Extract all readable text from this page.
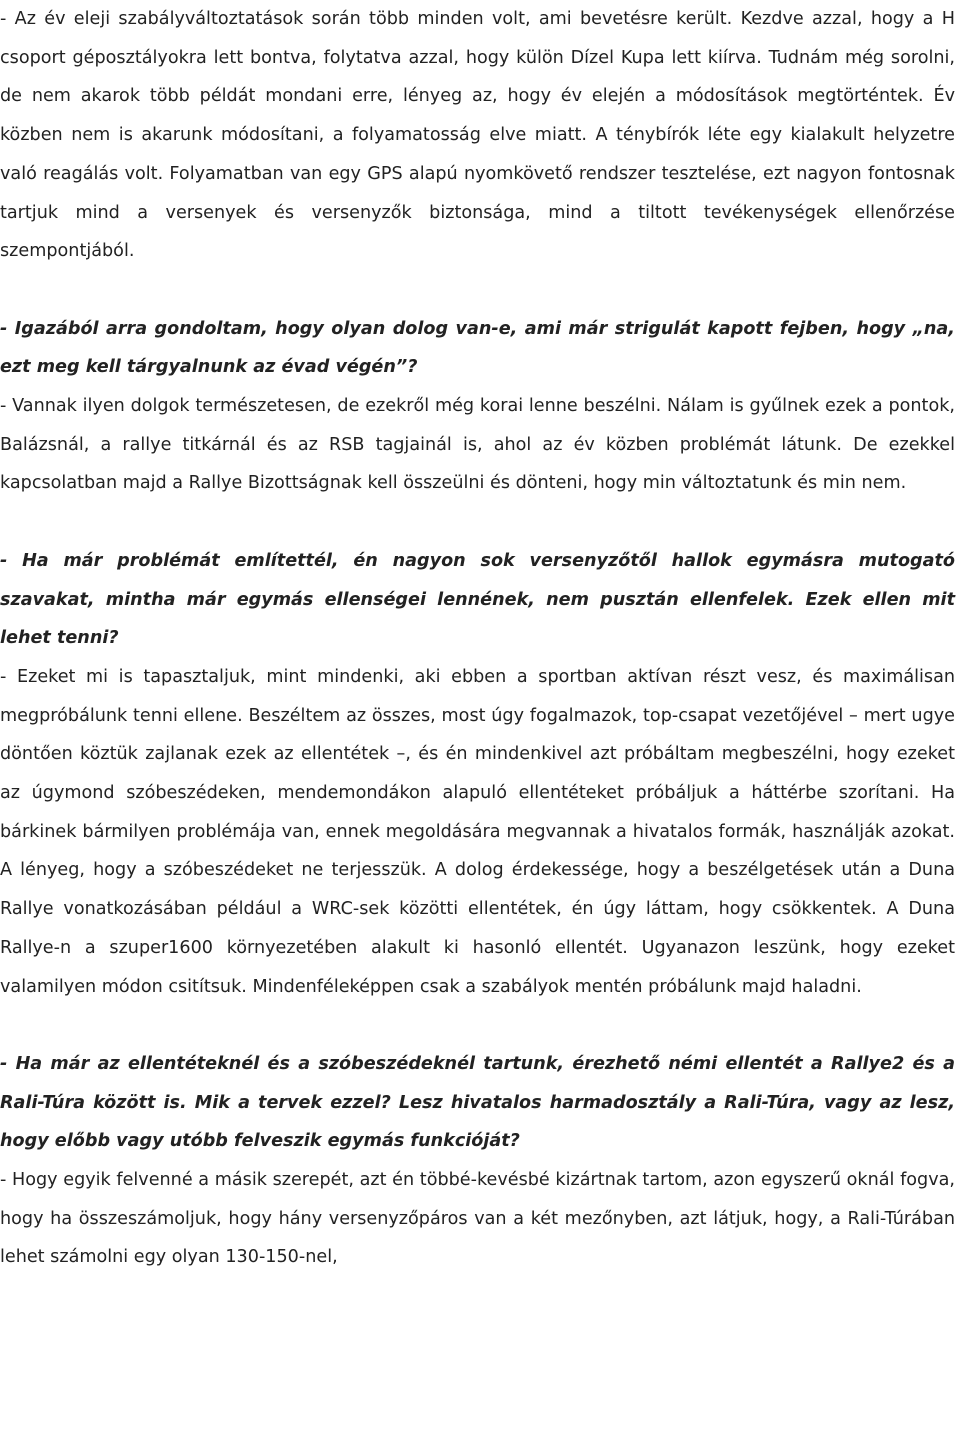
- Az év eleji szabályváltoztatások során több minden volt, ami bevetésre került. Kezdve azzal, hogy a H csoport géposztályokra lett bontva, folytatva azzal, hogy külön Dízel Kupa lett kiírva. Tudnám még sorolni, de nem akarok több példát mondani erre, lényeg az, hogy év elején a módosítások megtörténtek. Év közben nem is akarunk módosítani, a folyamatosság elve miatt. A ténybírók léte egy kialakult helyzetre való reagálás volt. Folyamatban van egy GPS alapú nyomkövető rendszer tesztelése, ezt nagyon fontosnak tartjuk mind a versenyek és versenyzők biztonsága, mind a tiltott tevékenységek ellenőrzése szempontjából.

- Igazából arra gondoltam, hogy olyan dolog van-e, ami már strigulát kapott fejben, hogy „na, ezt meg kell tárgyalnunk az évad végén”?

- Vannak ilyen dolgok természetesen, de ezekről még korai lenne beszélni. Nálam is gyűlnek ezek a pontok, Balázsnál, a rallye titkárnál és az RSB tagjainál is, ahol az év közben problémát látunk. De ezekkel kapcsolatban majd a Rallye Bizottságnak kell összeülni és dönteni, hogy min változtatunk és min nem.

- Ha már problémát említettél, én nagyon sok versenyzőtől hallok egymásra mutogató szavakat, mintha már egymás ellenségei lennének, nem pusztán ellenfelek. Ezek ellen mit lehet tenni?

- Ezeket mi is tapasztaljuk, mint mindenki, aki ebben a sportban aktívan részt vesz, és maximálisan megpróbálunk tenni ellene. Beszéltem az összes, most úgy fogalmazok, top-csapat vezetőjével – mert ugye döntően köztük zajlanak ezek az ellentétek –, és én mindenkivel azt próbáltam megbeszélni, hogy ezeket az úgymond szóbeszédeken, mendemondákon alapuló ellentéteket próbáljuk a háttérbe szorítani. Ha bárkinek bármilyen problémája van, ennek megoldására megvannak a hivatalos formák, használják azokat. A lényeg, hogy a szóbeszédeket ne terjesszük. A dolog érdekessége, hogy a beszélgetések után a Duna Rallye vonatkozásában például a WRC-sek közötti ellentétek, én úgy láttam, hogy csökkentek. A Duna Rallye-n a szuper1600 környezetében alakult ki hasonló ellentét. Ugyanazon leszünk, hogy ezeket valamilyen módon csitítsuk. Mindenféleképpen csak a szabályok mentén próbálunk majd haladni.

- Ha már az ellentéteknél és a szóbeszédeknél tartunk, érezhető némi ellentét a Rallye2 és a Rali-Túra között is. Mik a tervek ezzel? Lesz hivatalos harmadosztály a Rali-Túra, vagy az lesz, hogy előbb vagy utóbb felveszik egymás funkcióját?

- Hogy egyik felvenné a másik szerepét, azt én többé-kevésbé kizártnak tartom, azon egyszerű oknál fogva, hogy ha összeszámoljuk, hogy hány versenyzőpáros van a két mezőnyben, azt látjuk, hogy, a Rali-Túrában lehet számolni egy olyan 130-150-nel,
